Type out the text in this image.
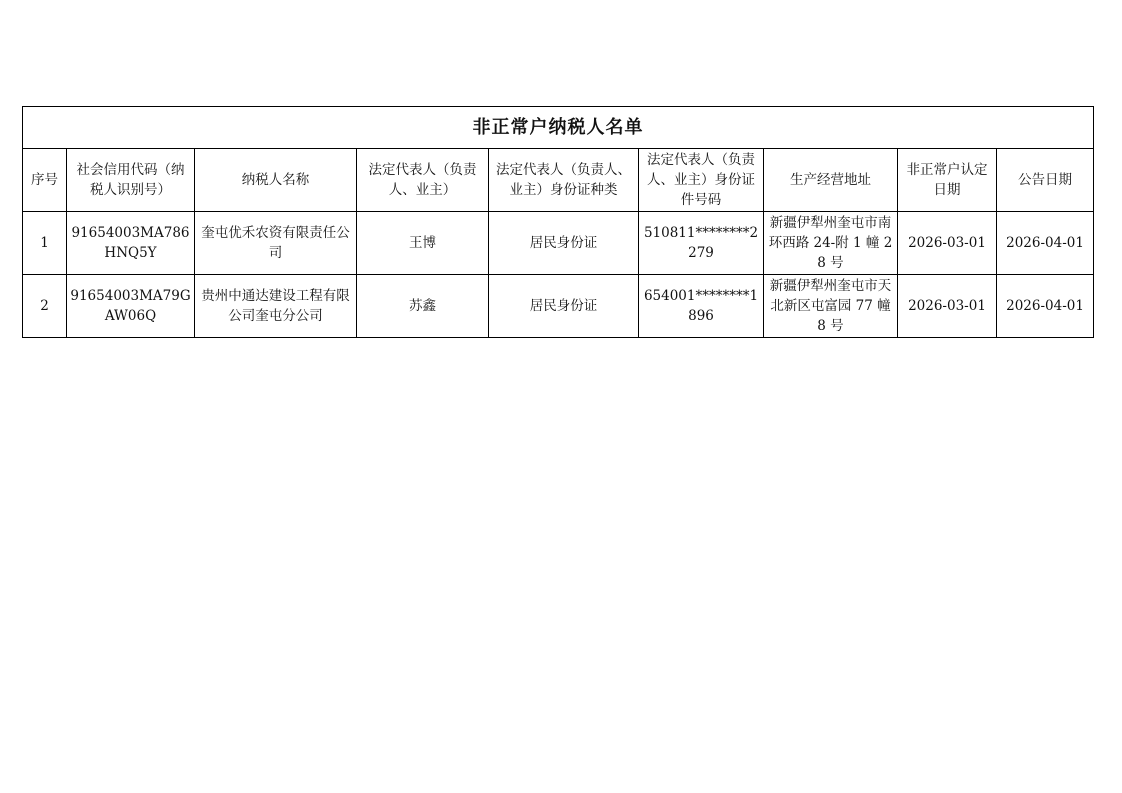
非正常户纳税人名单								
序号	社会信用代码（纳税人识别号）	纳税人名称	法定代表人（负责人、业主）	法定代表人（负责人、业主）身份证种类	法定代表人（负责人、业主）身份证件号码	生产经营地址	非正常户认定日期	公告日期
1	91654003MA786HNQ5Y	奎屯优禾农资有限责任公司	王博	居民身份证	510811********2279	新疆伊犁州奎屯市南环西路 24-附 1 幢 28 号	2026-03-01	2026-04-01
2	91654003MA79GAW06Q	贵州中通达建设工程有限公司奎屯分公司	苏鑫	居民身份证	654001********1896	新疆伊犁州奎屯市天北新区屯富园 77 幢 8 号	2026-03-01	2026-04-01
